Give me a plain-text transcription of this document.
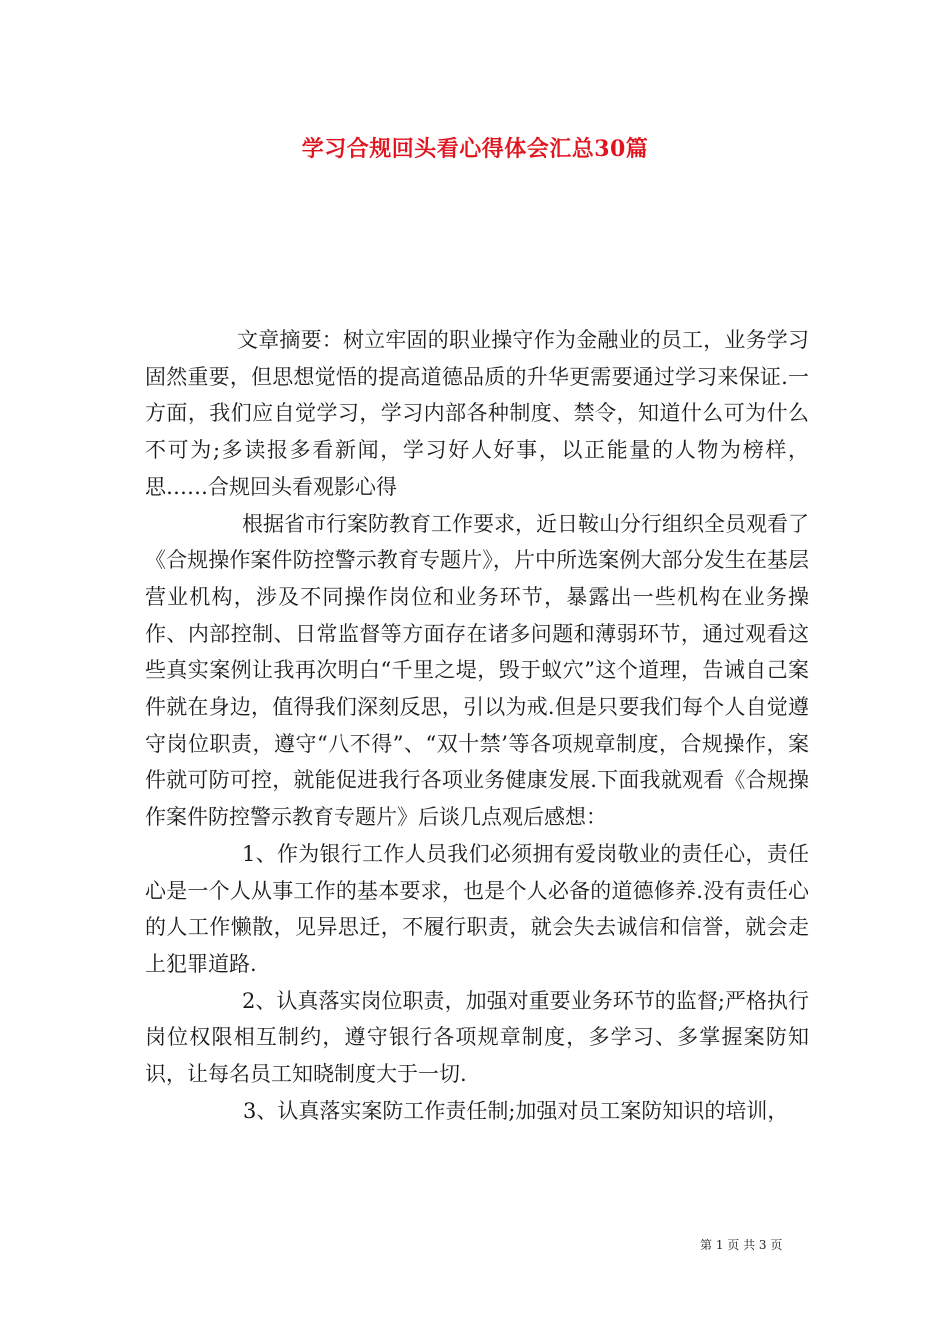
学习合规回头看心得体会汇总30篇

文章摘要：树立牢固的职业操守作为金融业的员工，业务学习固然重要，但思想觉悟的提高道德品质的升华更需要通过学习来保证.一方面，我们应自觉学习，学习内部各种制度、禁令，知道什么可为什么不可为;多读报多看新闻，学习好人好事，以正能量的人物为榜样，思……合规回头看观影心得

根据省市行案防教育工作要求，近日鞍山分行组织全员观看了《合规操作案件防控警示教育专题片》，片中所选案例大部分发生在基层营业机构，涉及不同操作岗位和业务环节，暴露出一些机构在业务操作、内部控制、日常监督等方面存在诸多问题和薄弱环节，通过观看这些真实案例让我再次明白“千里之堤，毁于蚁穴”这个道理，告诫自己案件就在身边，值得我们深刻反思，引以为戒.但是只要我们每个人自觉遵守岗位职责，遵守“八不得”、“双十禁’等各项规章制度，合规操作，案件就可防可控，就能促进我行各项业务健康发展.下面我就观看《合规操作案件防控警示教育专题片》后谈几点观后感想：

1、作为银行工作人员我们必须拥有爱岗敬业的责任心，责任心是一个人从事工作的基本要求，也是个人必备的道德修养.没有责任心的人工作懒散，见异思迁，不履行职责，就会失去诚信和信誉，就会走上犯罪道路.

2、认真落实岗位职责，加强对重要业务环节的监督;严格执行岗位权限相互制约，遵守银行各项规章制度，多学习、多掌握案防知识，让每名员工知晓制度大于一切.

3、认真落实案防工作责任制;加强对员工案防知识的培训，

第 1 页 共 3 页
